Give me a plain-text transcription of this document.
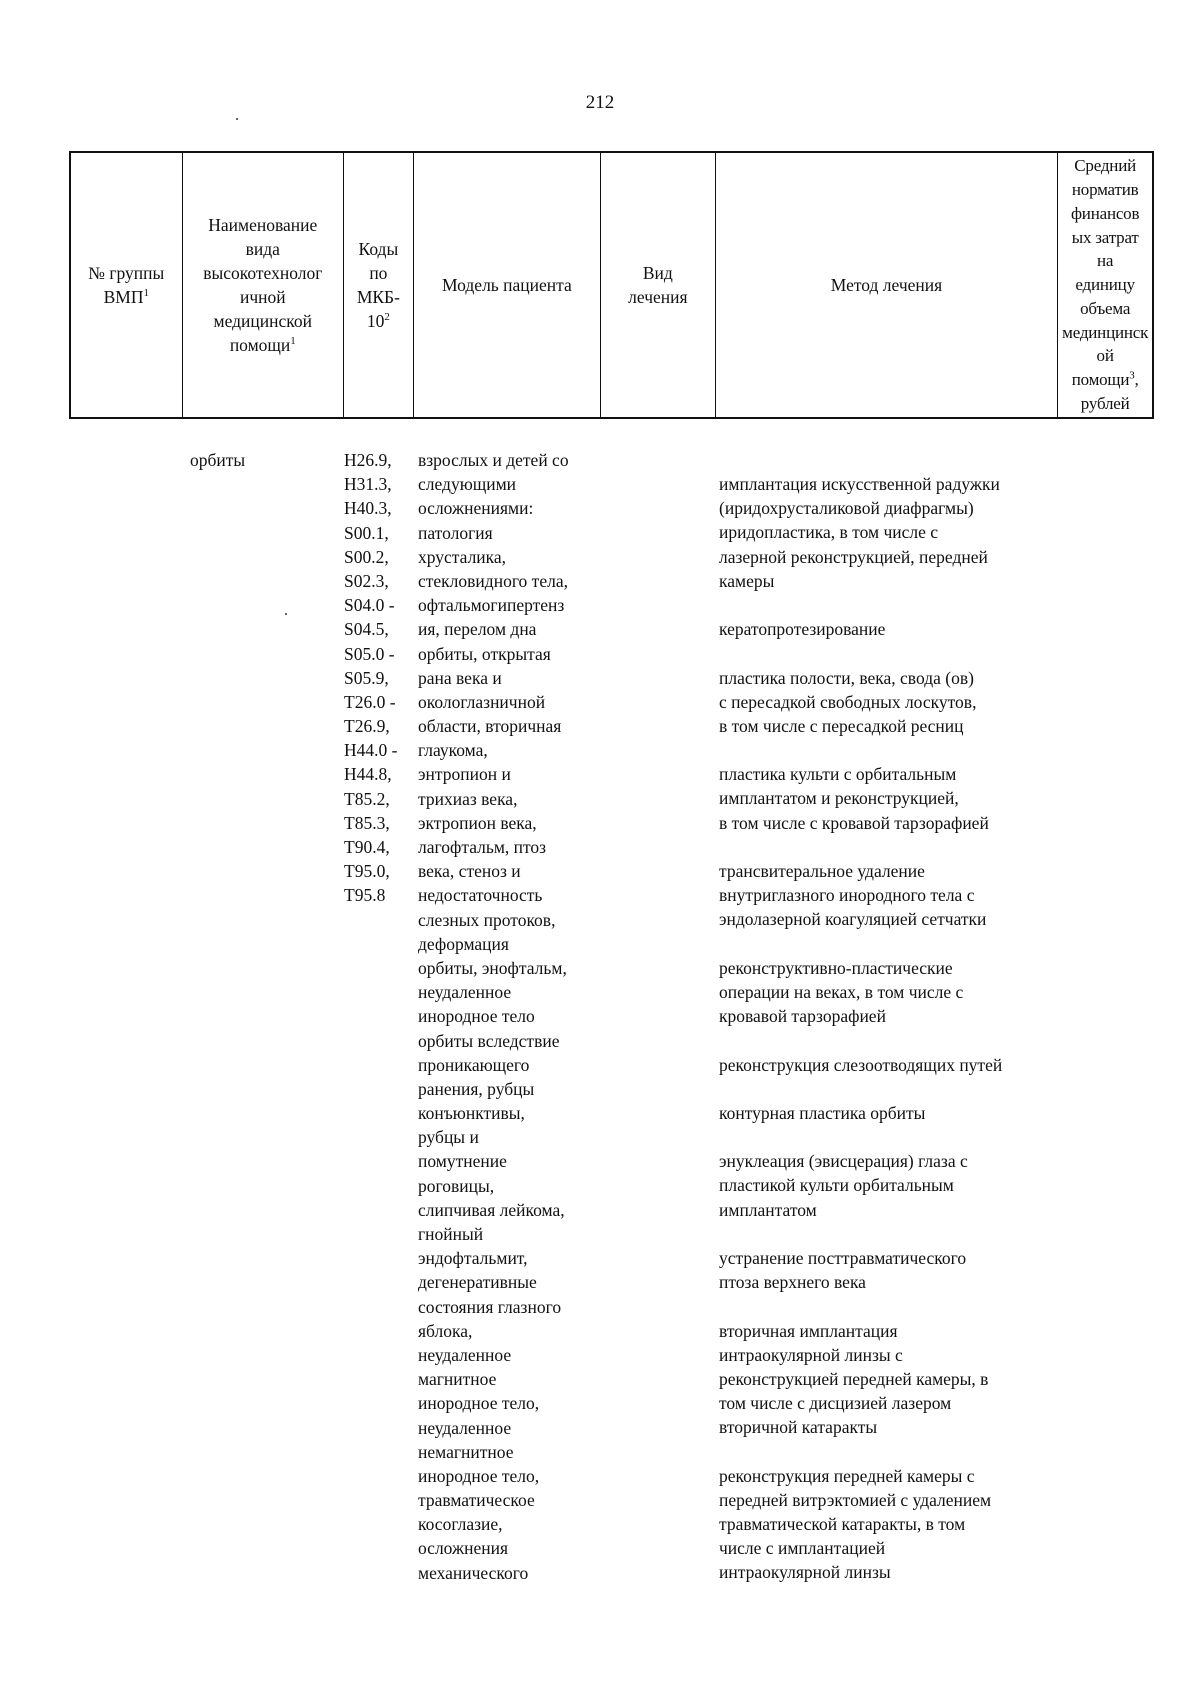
212
№ группы
ВМП$^1$
Наименование
вида
высокотехнолог
ичной
медицинской
помощи$^1$
Коды
по
МКБ-
$10^2$
Модель пациента
Вид
лечения
Метод лечения
Средний
норматив
финансов
ых затрат
на
единицу
объема
мединцинск
ой
помощи$^3$,
рублей
орбиты	H26.9,
H31.3,
H40.3,
S00.1,
S00.2,
S02.3,
S04.0 -
S04.5,
S05.0 -
S05.9,
T26.0 -
T26.9,
H44.0 -
H44.8,
T85.2,
T85.3,
T90.4,
T95.0,
T95.8
взрослых и детей со
следующими
осложнениями:
патология
хрусталика,
стекловидного тела,
офтальмогипертенз
ия, перелом дна
орбиты, открытая
рана века и
окологлазничной
области, вторичная
глаукома,
энтропион и
трихиаз века,
эктропион века,
лагофтальм, птоз
века, стеноз и
недостаточность
слезных протоков,
деформация
орбиты, энофтальм,
неудаленное
инородное тело
орбиты вследствие
проникающего
ранения, рубцы
конъюнктивы,
рубцы и
помутнение
роговицы,
слипчивая лейкома,
гнойный
эндофтальмит,
дегенеративные
состояния глазного
яблока,
неудаленное
магнитное
инородное тело,
неудаленное
немагнитное
инородное тело,
травматическое
косоглазие,
осложнения
механического
имплантация искусственной радужки
(иридохрусталиковой диафрагмы)
иридопластика, в том числе с
лазерной реконструкцией, передней
камеры
кератопротезирование
пластика полости, века, свода (ов)
с пересадкой свободных лоскутов,
в том числе с пересадкой ресниц
пластика культи с орбитальным
имплантатом и реконструкцией,
в том числе с кровавой тарзорафией
трансвитеральное удаление
внутриглазного инородного тела с
эндолазерной коагуляцией сетчатки
реконструктивно-пластические
операции на веках, в том числе с
кровавой тарзорафией
реконструкция слезоотводящих путей
контурная пластика орбиты
энуклеация (эвисцерация) глаза с
пластикой культи орбитальным
имплантатом
устранение посттравматического
птоза верхнего века
вторичная имплантация
интраокулярной линзы с
реконструкцией передней камеры, в
том числе с дисцизией лазером
вторичной катаракты
реконструкция передней камеры с
передней витрэктомией с удалением
травматической катаракты, в том
числе с имплантацией
интраокулярной линзы
